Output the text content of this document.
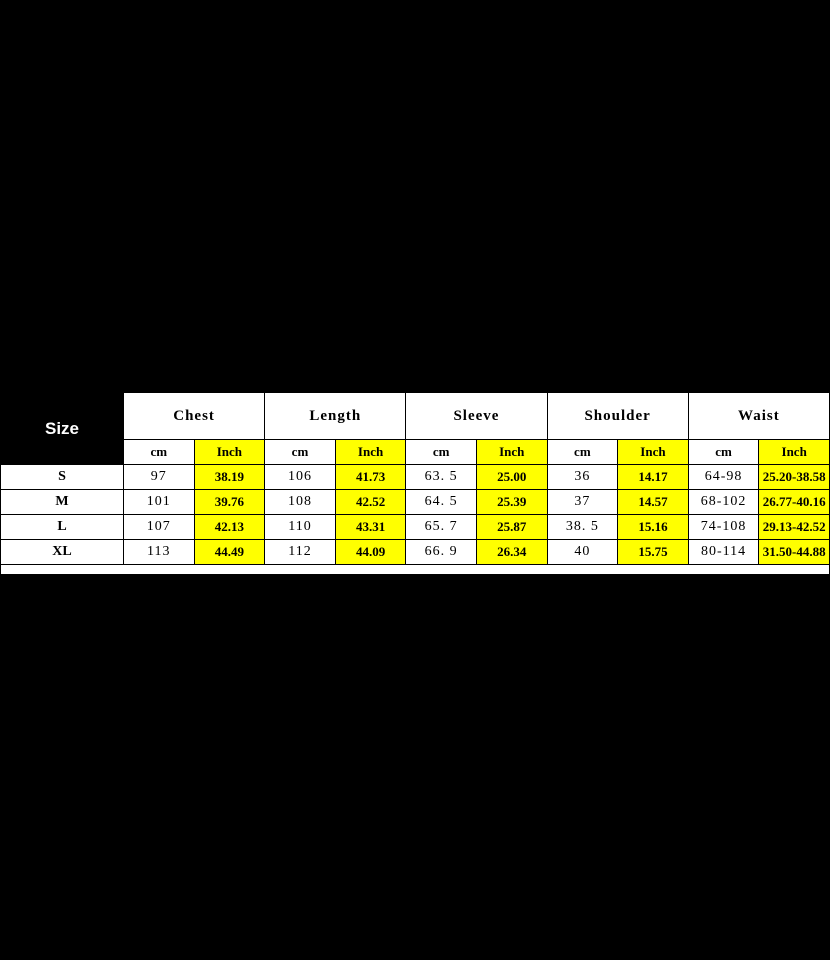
Size	Chest		Length		Sleeve		Shoulder		Waist	
	cm	Inch	cm	Inch	cm	Inch	cm	Inch	cm	Inch
S	97	38.19	106	41.73	63. 5	25.00	36	14.17	64-98	25.20-38.58
M	101	39.76	108	42.52	64. 5	25.39	37	14.57	68-102	26.77-40.16
L	107	42.13	110	43.31	65. 7	25.87	38. 5	15.16	74-108	29.13-42.52
XL	113	44.49	112	44.09	66. 9	26.34	40	15.75	80-114	31.50-44.88
